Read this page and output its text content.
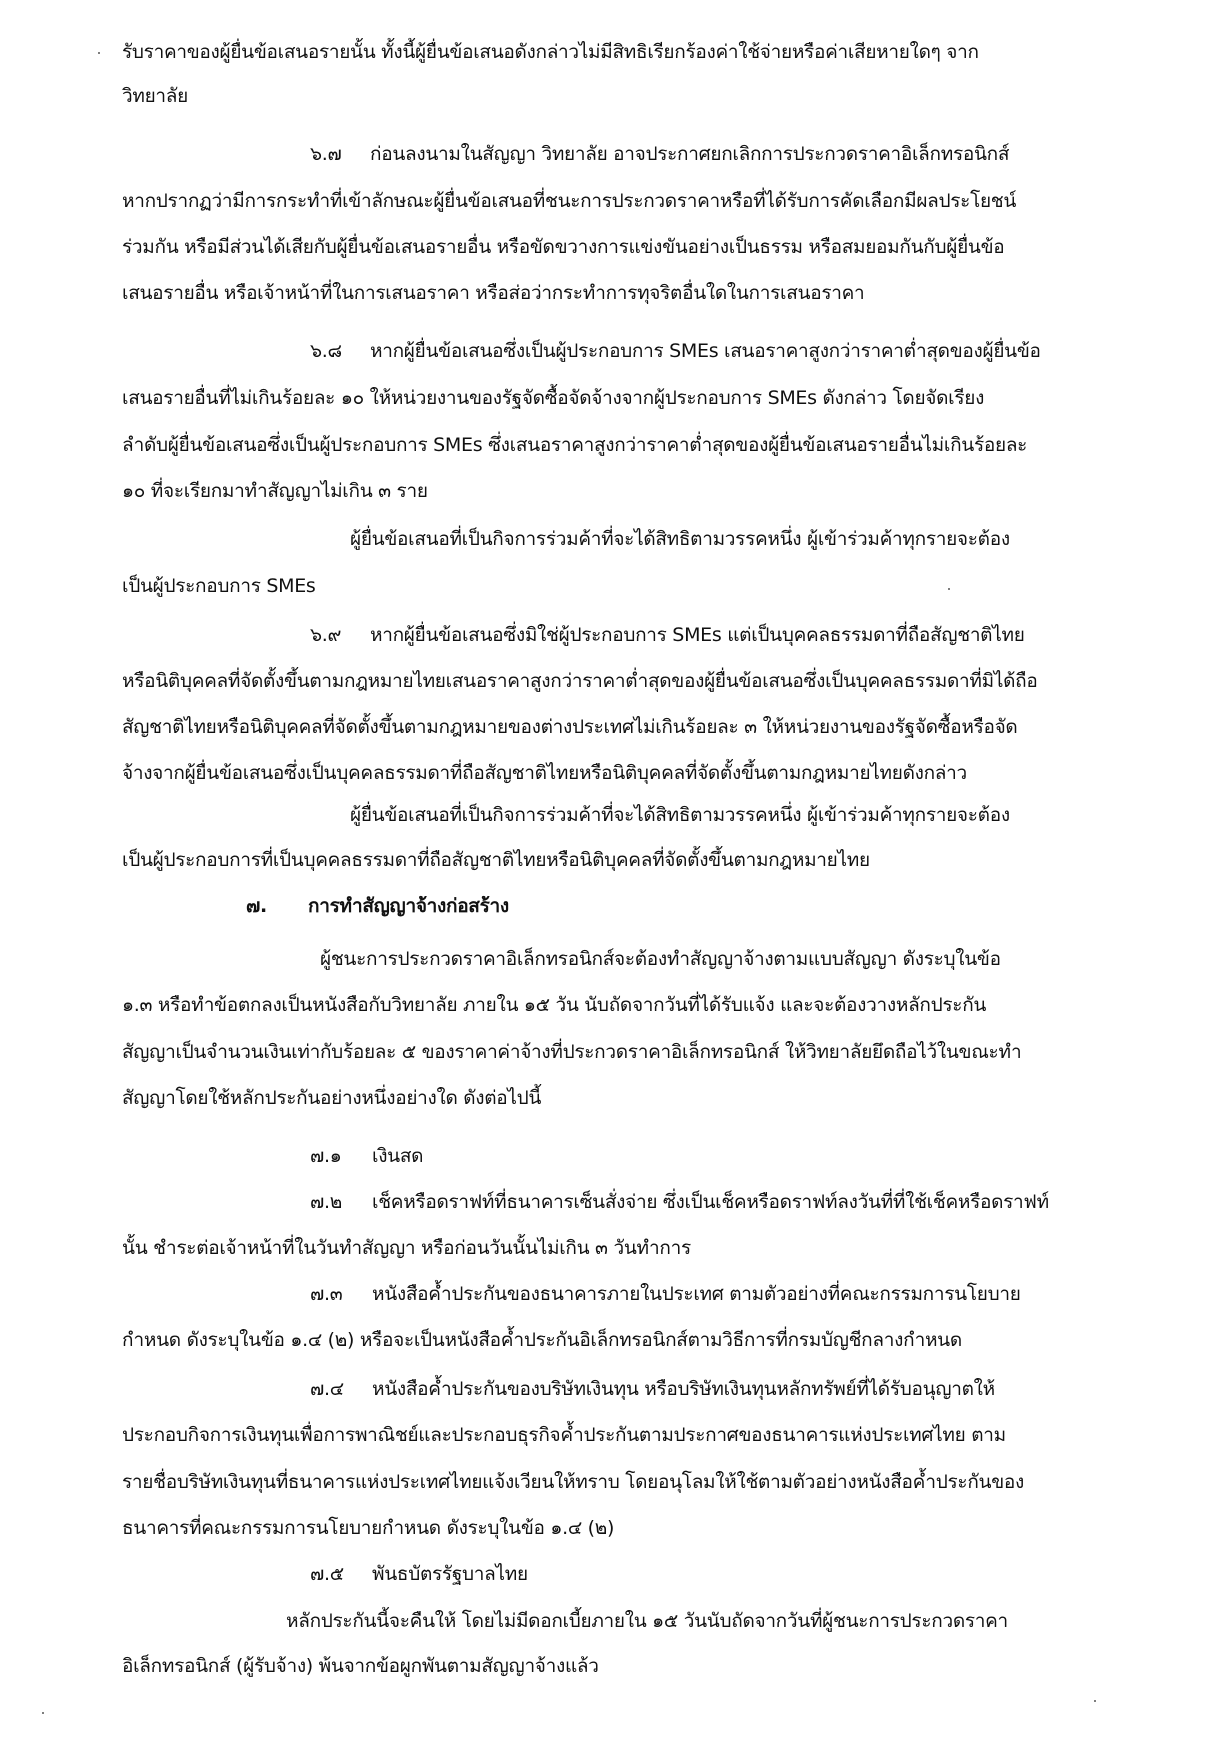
รับราคาของผู้ยื่นข้อเสนอรายนั้น ทั้งนี้ผู้ยื่นข้อเสนอดังกล่าวไม่มีสิทธิเรียกร้องค่าใช้จ่ายหรือค่าเสียหายใดๆ จาก
วิทยาลัย
๖.๗ ก่อนลงนามในสัญญา วิทยาลัย อาจประกาศยกเลิกการประกวดราคาอิเล็กทรอนิกส์
หากปรากฏว่ามีการกระทำที่เข้าลักษณะผู้ยื่นข้อเสนอที่ชนะการประกวดราคาหรือที่ได้รับการคัดเลือกมีผลประโยชน์
ร่วมกัน หรือมีส่วนได้เสียกับผู้ยื่นข้อเสนอรายอื่น หรือขัดขวางการแข่งขันอย่างเป็นธรรม หรือสมยอมกันกับผู้ยื่นข้อ
เสนอรายอื่น หรือเจ้าหน้าที่ในการเสนอราคา หรือส่อว่ากระทำการทุจริตอื่นใดในการเสนอราคา
๖.๘ หากผู้ยื่นข้อเสนอซึ่งเป็นผู้ประกอบการ SMEs เสนอราคาสูงกว่าราคาต่ำสุดของผู้ยื่นข้อ
เสนอรายอื่นที่ไม่เกินร้อยละ ๑๐ ให้หน่วยงานของรัฐจัดซื้อจัดจ้างจากผู้ประกอบการ SMEs ดังกล่าว โดยจัดเรียง
ลำดับผู้ยื่นข้อเสนอซึ่งเป็นผู้ประกอบการ SMEs ซึ่งเสนอราคาสูงกว่าราคาต่ำสุดของผู้ยื่นข้อเสนอรายอื่นไม่เกินร้อยละ
๑๐ ที่จะเรียกมาทำสัญญาไม่เกิน ๓ ราย
ผู้ยื่นข้อเสนอที่เป็นกิจการร่วมค้าที่จะได้สิทธิตามวรรคหนึ่ง ผู้เข้าร่วมค้าทุกรายจะต้อง
เป็นผู้ประกอบการ SMEs
๖.๙ หากผู้ยื่นข้อเสนอซึ่งมิใช่ผู้ประกอบการ SMEs แต่เป็นบุคคลธรรมดาที่ถือสัญชาติไทย
หรือนิติบุคคลที่จัดตั้งขึ้นตามกฎหมายไทยเสนอราคาสูงกว่าราคาต่ำสุดของผู้ยื่นข้อเสนอซึ่งเป็นบุคคลธรรมดาที่มิได้ถือ
สัญชาติไทยหรือนิติบุคคลที่จัดตั้งขึ้นตามกฎหมายของต่างประเทศไม่เกินร้อยละ ๓ ให้หน่วยงานของรัฐจัดซื้อหรือจัด
จ้างจากผู้ยื่นข้อเสนอซึ่งเป็นบุคคลธรรมดาที่ถือสัญชาติไทยหรือนิติบุคคลที่จัดตั้งขึ้นตามกฎหมายไทยดังกล่าว
ผู้ยื่นข้อเสนอที่เป็นกิจการร่วมค้าที่จะได้สิทธิตามวรรคหนึ่ง ผู้เข้าร่วมค้าทุกรายจะต้อง
เป็นผู้ประกอบการที่เป็นบุคคลธรรมดาที่ถือสัญชาติไทยหรือนิติบุคคลที่จัดตั้งขึ้นตามกฎหมายไทย
๗. การทำสัญญาจ้างก่อสร้าง
ผู้ชนะการประกวดราคาอิเล็กทรอนิกส์จะต้องทำสัญญาจ้างตามแบบสัญญา ดังระบุในข้อ
๑.๓ หรือทำข้อตกลงเป็นหนังสือกับวิทยาลัย ภายใน ๑๕ วัน นับถัดจากวันที่ได้รับแจ้ง และจะต้องวางหลักประกัน
สัญญาเป็นจำนวนเงินเท่ากับร้อยละ ๕ ของราคาค่าจ้างที่ประกวดราคาอิเล็กทรอนิกส์ ให้วิทยาลัยยึดถือไว้ในขณะทำ
สัญญาโดยใช้หลักประกันอย่างหนึ่งอย่างใด ดังต่อไปนี้
๗.๑ เงินสด
๗.๒ เช็คหรือดราฟท์ที่ธนาคารเซ็นสั่งจ่าย ซึ่งเป็นเช็คหรือดราฟท์ลงวันที่ที่ใช้เช็คหรือดราฟท์
นั้น ชำระต่อเจ้าหน้าที่ในวันทำสัญญา หรือก่อนวันนั้นไม่เกิน ๓ วันทำการ
๗.๓ หนังสือค้ำประกันของธนาคารภายในประเทศ ตามตัวอย่างที่คณะกรรมการนโยบาย
กำหนด ดังระบุในข้อ ๑.๔ (๒) หรือจะเป็นหนังสือค้ำประกันอิเล็กทรอนิกส์ตามวิธีการที่กรมบัญชีกลางกำหนด
๗.๔ หนังสือค้ำประกันของบริษัทเงินทุน หรือบริษัทเงินทุนหลักทรัพย์ที่ได้รับอนุญาตให้
ประกอบกิจการเงินทุนเพื่อการพาณิชย์และประกอบธุรกิจค้ำประกันตามประกาศของธนาคารแห่งประเทศไทย ตาม
รายชื่อบริษัทเงินทุนที่ธนาคารแห่งประเทศไทยแจ้งเวียนให้ทราบ โดยอนุโลมให้ใช้ตามตัวอย่างหนังสือค้ำประกันของ
ธนาคารที่คณะกรรมการนโยบายกำหนด ดังระบุในข้อ ๑.๔ (๒)
๗.๕ พันธบัตรรัฐบาลไทย
หลักประกันนี้จะคืนให้ โดยไม่มีดอกเบี้ยภายใน ๑๕ วันนับถัดจากวันที่ผู้ชนะการประกวดราคา
อิเล็กทรอนิกส์ (ผู้รับจ้าง) พ้นจากข้อผูกพันตามสัญญาจ้างแล้ว
